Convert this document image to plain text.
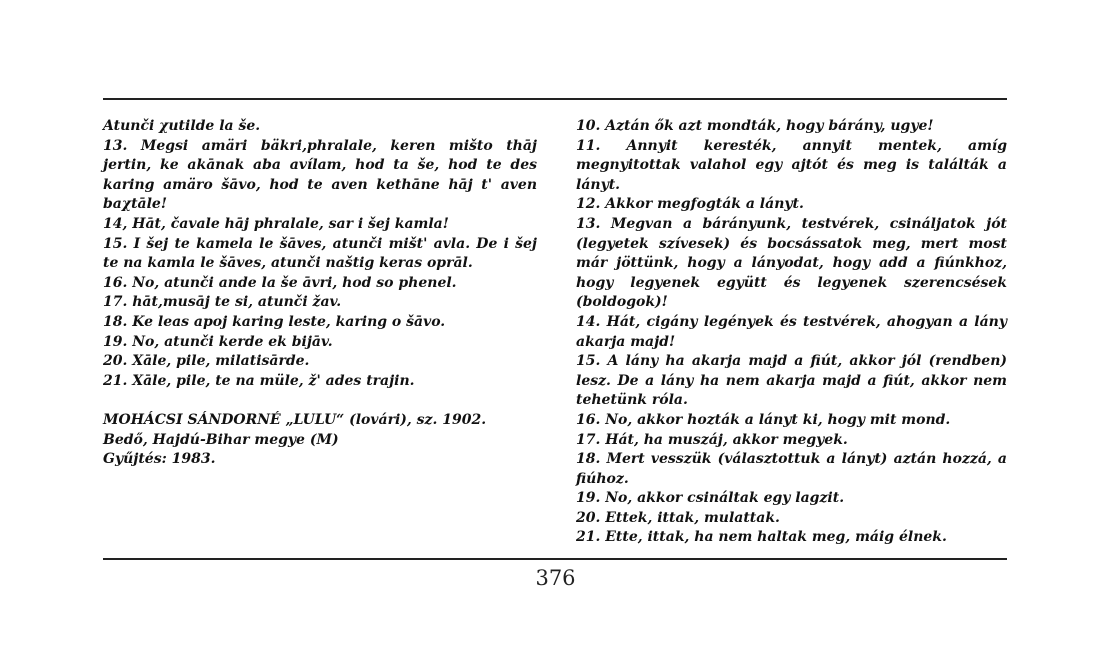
Atunči χutilde la še.

13. Megsi amäri bäkri,phralale, keren mišto thāj jertin, ke akānak aba avílam, hod ta še, hod te des karing amäro šāvo, hod te aven kethāne hāj t' aven baχtāle!

14, Hāt, čavale hāj phralale, sar i šej kamla!

15. I šej te kamela le šāves, atunči mišt' avla. De i šej te na kamla le šāves, atunči naštig keras oprāl.

16. No, atunči ande la še āvri, hod so phenel.

17. hāt,musāj te si, atunči žav.

18. Ke leas apoj karing leste, karing o šāvo.

19. No, atunči kerde ek bijāv.

20. Xāle, pile, milatisārde.

21. Xāle, pile, te na müle, ž' ades trajin.

MOHÁCSI SÁNDORNÉ „LULU“ (lovári), sz. 1902.

Bedő, Hajdú-Bihar megye (M)

Gyűjtés: 1983.

10. Aztán ők azt mondták, hogy bárány, ugye!

11. Annyit keresték, annyit mentek, amíg megnyitottak valahol egy ajtót és meg is találták a lányt.

12. Akkor megfogták a lányt.

13. Megvan a bárányunk, testvérek, csináljatok jót (legyetek szívesek) és bocsássatok meg, mert most már jöttünk, hogy a lányodat, hogy add a fiúnkhoz, hogy legyenek együtt és legyenek szerencsések (boldogok)!

14. Hát, cigány legények és testvérek, ahogyan a lány akarja majd!

15. A lány ha akarja majd a fiút, akkor jól (rendben) lesz. De a lány ha nem akarja majd a fiút, akkor nem tehetünk róla.

16. No, akkor hozták a lányt ki, hogy mit mond.

17. Hát, ha muszáj, akkor megyek.

18. Mert vesszük (választottuk a lányt) aztán hozzá, a fiúhoz.

19. No, akkor csináltak egy lagzit.

20. Ettek, ittak, mulattak.

21. Ette, ittak, ha nem haltak meg, máig élnek.

376
